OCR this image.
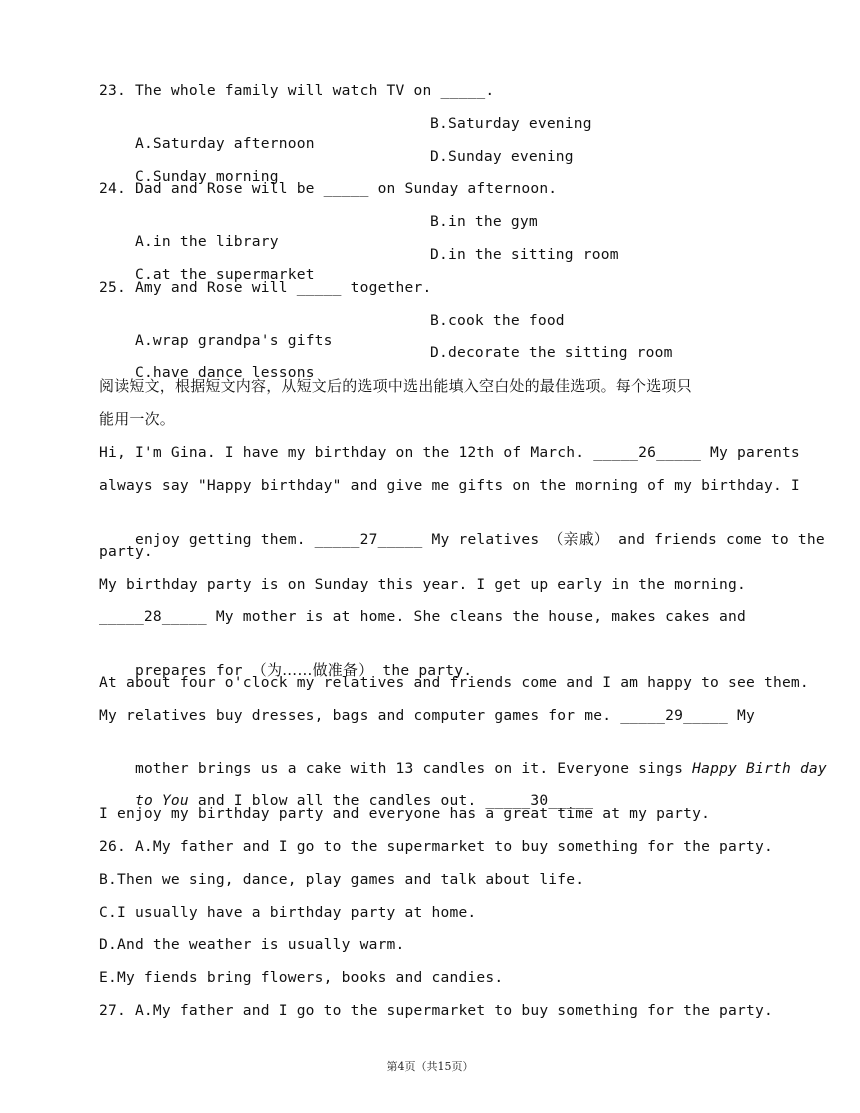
23. The whole family will watch TV on _____.

A.Saturday afternoon

B.Saturday evening

C.Sunday morning

D.Sunday evening

24. Dad and Rose will be _____ on Sunday afternoon.

A.in the library

B.in the gym

C.at the supermarket

D.in the sitting room

25. Amy and Rose will _____ together.

A.wrap grandpa's gifts

B.cook the food

C.have dance lessons

D.decorate the sitting room

阅读短文，根据短文内容，从短文后的选项中选出能填入空白处的最佳选项。每个选项只
能用一次。
Hi, I'm Gina. I have my birthday on the 12th of March. _____26_____ My parents
always say "Happy birthday" and give me gifts on the morning of my birthday. I

enjoy getting them. _____27_____ My relatives （亲戚） and friends come to the

party.
My birthday party is on Sunday this year. I get up early in the morning.
_____28_____ My mother is at home. She cleans the house, makes cakes and

prepares for （为……做准备） the party.

At about four o'clock my relatives and friends come and I am happy to see them.
My relatives buy dresses, bags and computer games for me. _____29_____ My

mother brings us a cake with 13 candles on it. Everyone sings Happy Birth day

to You and I blow all the candles out. _____30_____

I enjoy my birthday party and everyone has a great time at my party.
26. A.My father and I go to the supermarket to buy something for the party.
B.Then we sing, dance, play games and talk about life.
C.I usually have a birthday party at home.
D.And the weather is usually warm.
E.My fiends bring flowers, books and candies.
27. A.My father and I go to the supermarket to buy something for the party.
第4页（共15页）
